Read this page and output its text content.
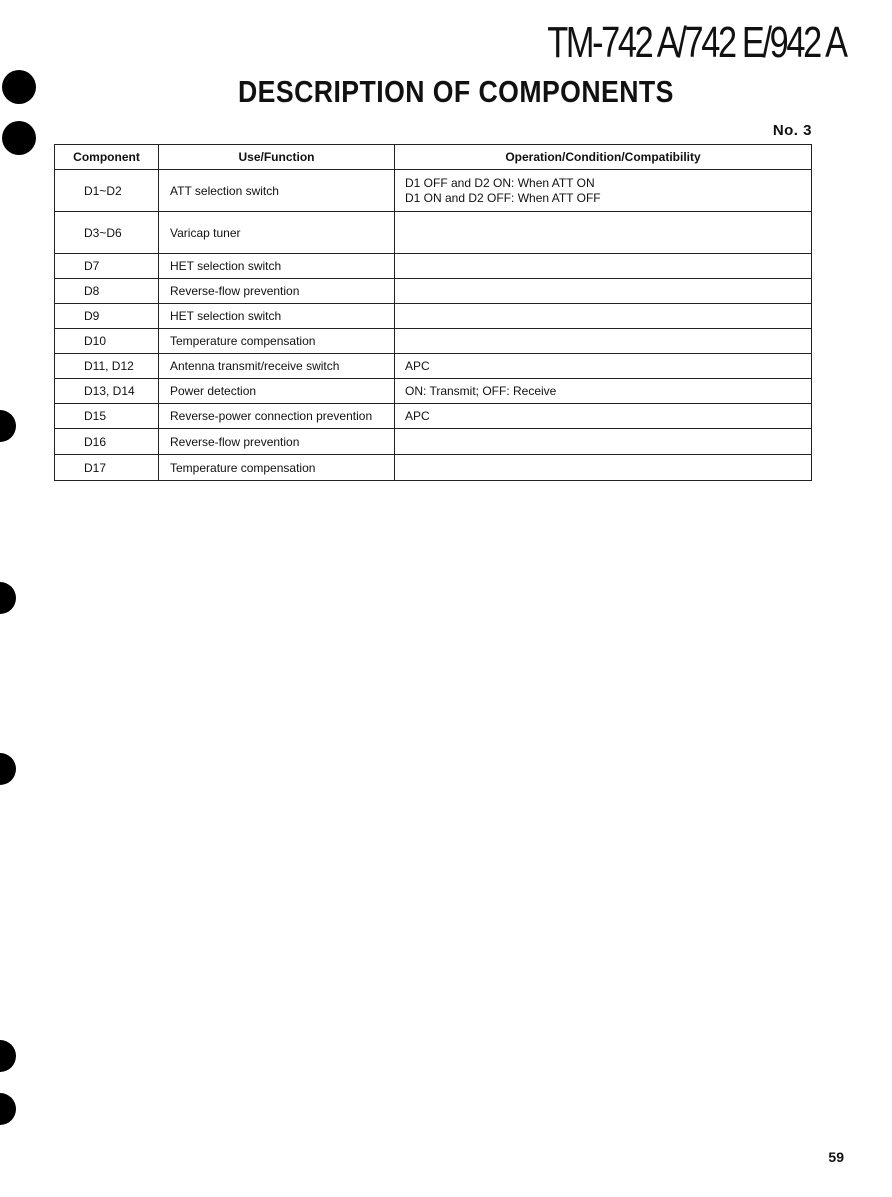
TM-742 A/742 E/942 A
DESCRIPTION OF COMPONENTS
No. 3
Component	Use/Function	Operation/Condition/Compatibility
D1~D2	ATT selection switch	D1 OFF and D2 ON: When ATT ON
D1 ON and D2 OFF: When ATT OFF

D3~D6	Varicap tuner	
D7	HET selection switch	
D8	Reverse-flow prevention	
D9	HET selection switch	
D10	Temperature compensation	
D11, D12	Antenna transmit/receive switch	APC

D13, D14	Power detection	ON: Transmit; OFF: Receive

D15	Reverse-power connection prevention	APC

D16	Reverse-flow prevention	
D17	Temperature compensation	
59
